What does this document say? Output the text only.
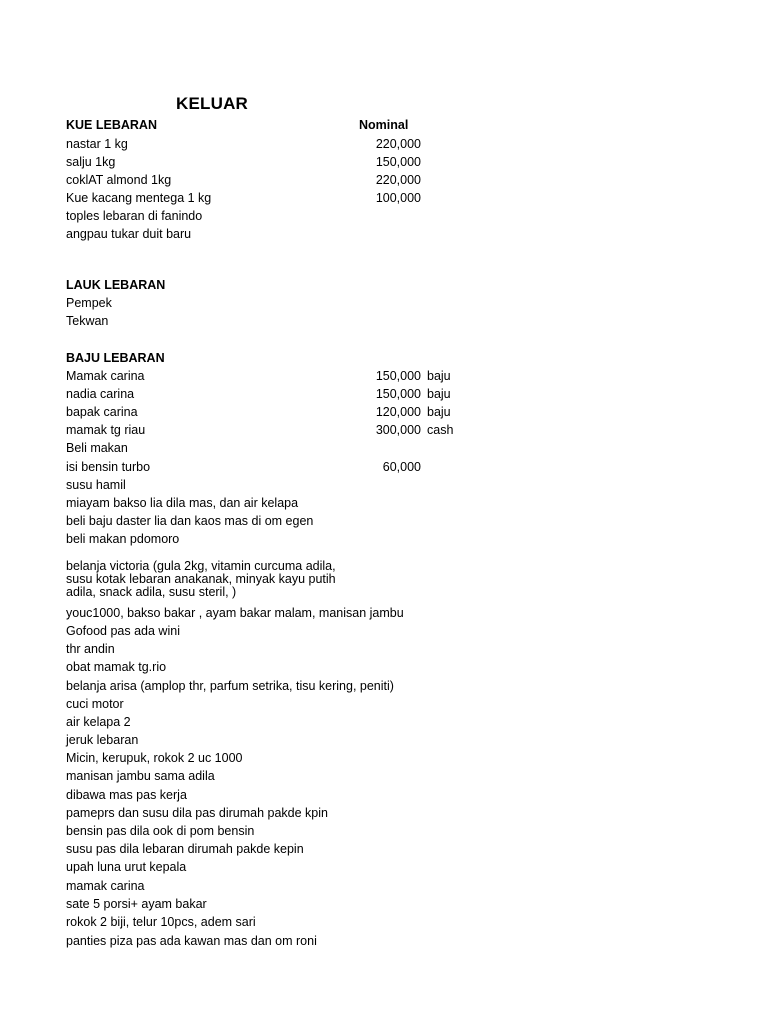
KELUAR
KUE LEBARAN	Nominal
nastar 1 kg	220,000
salju 1kg	150,000
coklAT almond 1kg	220,000
Kue kacang mentega 1 kg	100,000
toples lebaran di fanindo
angpau tukar duit baru
LAUK LEBARAN
Pempek
Tekwan
BAJU LEBARAN
Mamak carina	150,000 baju
nadia carina	150,000 baju
bapak carina	120,000 baju
mamak tg riau	300,000 cash
Beli makan
isi bensin turbo	60,000
susu hamil
miayam bakso lia dila mas, dan air kelapa
beli baju daster lia dan kaos mas di om egen
beli makan pdomoro
belanja victoria (gula 2kg, vitamin curcuma adila,
susu kotak lebaran anakanak, minyak kayu putih
adila, snack adila, susu steril, )
youc1000, bakso bakar , ayam bakar malam, manisan jambu
Gofood pas ada wini
thr andin
obat mamak tg.rio
belanja arisa (amplop thr, parfum setrika, tisu kering, peniti)
cuci motor
air kelapa 2
jeruk lebaran
Micin, kerupuk, rokok 2 uc 1000
manisan jambu sama adila
dibawa mas pas kerja
pameprs dan susu dila pas dirumah pakde kpin
bensin pas dila ook di pom bensin
susu pas dila lebaran dirumah pakde kepin
upah luna urut kepala
mamak carina
sate 5 porsi+ ayam bakar
rokok 2 biji, telur 10pcs, adem sari
panties piza pas ada kawan mas dan om roni
